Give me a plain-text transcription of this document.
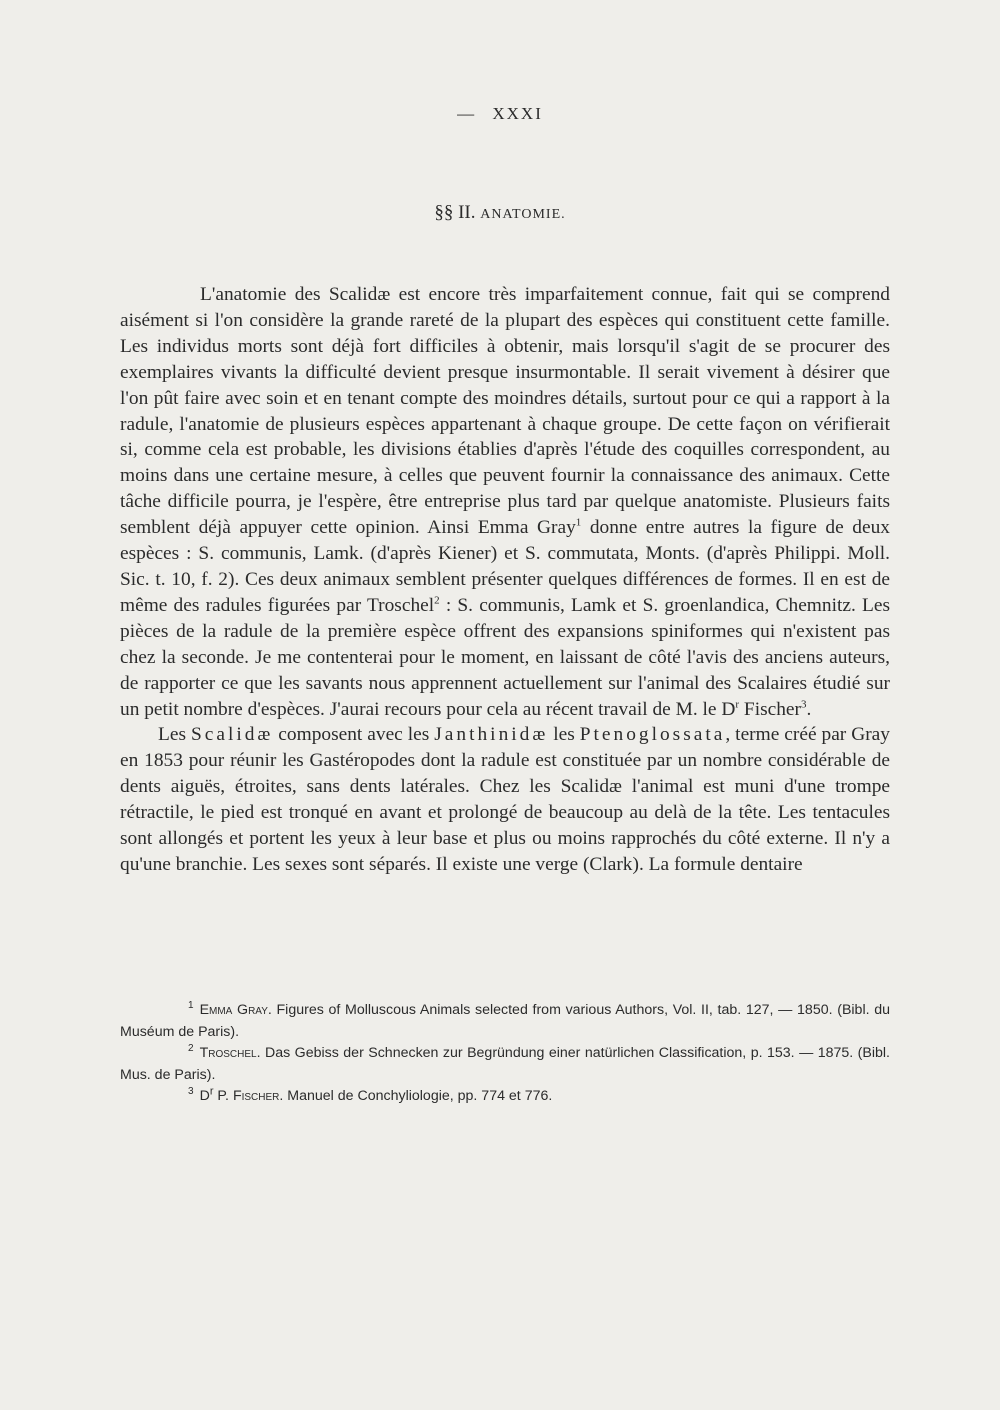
— XXXI
§§ II. ANATOMIE.

L'anatomie des Scalidæ est encore très imparfaitement connue, fait qui se comprend aisément si l'on considère la grande rareté de la plupart des espèces qui constituent cette famille. Les individus morts sont déjà fort difficiles à obtenir, mais lorsqu'il s'agit de se procurer des exemplaires vivants la difficulté devient presque insurmontable. Il serait vivement à désirer que l'on pût faire avec soin et en tenant compte des moindres détails, surtout pour ce qui a rapport à la radule, l'anatomie de plusieurs espèces appartenant à chaque groupe. De cette façon on vérifierait si, comme cela est probable, les divisions établies d'après l'étude des coquilles correspondent, au moins dans une certaine mesure, à celles que peuvent fournir la connaissance des animaux. Cette tâche difficile pourra, je l'espère, être entreprise plus tard par quelque anatomiste. Plusieurs faits semblent déjà appuyer cette opinion. Ainsi Emma Gray$^1$ donne entre autres la figure de deux espèces : S. communis, Lamk. (d'après Kiener) et S. commutata, Monts. (d'après Philippi. Moll. Sic. t. 10, f. 2). Ces deux animaux semblent présenter quelques différences de formes. Il en est de même des radules figurées par Troschel$^2$ : S. communis, Lamk et S. groenlandica, Chemnitz. Les pièces de la radule de la première espèce offrent des expansions spiniformes qui n'existent pas chez la seconde. Je me contenterai pour le moment, en laissant de côté l'avis des anciens auteurs, de rapporter ce que les savants nous apprennent actuellement sur l'animal des Scalaires étudié sur un petit nombre d'espèces. J'aurai recours pour cela au récent travail de M. le $D^r$ Fischer$^3$.

Les Scalidæ composent avec les Janthinidæ les Ptenoglossata, terme créé par Gray en 1853 pour réunir les Gastéropodes dont la radule est constituée par un nombre considérable de dents aiguës, étroites, sans dents latérales. Chez les Scalidæ l'animal est muni d'une trompe rétractile, le pied est tronqué en avant et prolongé de beaucoup au delà de la tête. Les tentacules sont allongés et portent les yeux à leur base et plus ou moins rapprochés du côté externe. Il n'y a qu'une branchie. Les sexes sont séparés. Il existe une verge (Clark). La formule dentaire

$^1$ Emma Gray. Figures of Molluscous Animals selected from various Authors, Vol. II, tab. 127, — 1850. (Bibl. du Muséum de Paris).

$^2$ Troschel. Das Gebiss der Schnecken zur Begründung einer natürlichen Classification, p. 153. — 1875. (Bibl. Mus. de Paris).

$^3$ $D^r$ P. Fischer. Manuel de Conchyliologie, pp. 774 et 776.
